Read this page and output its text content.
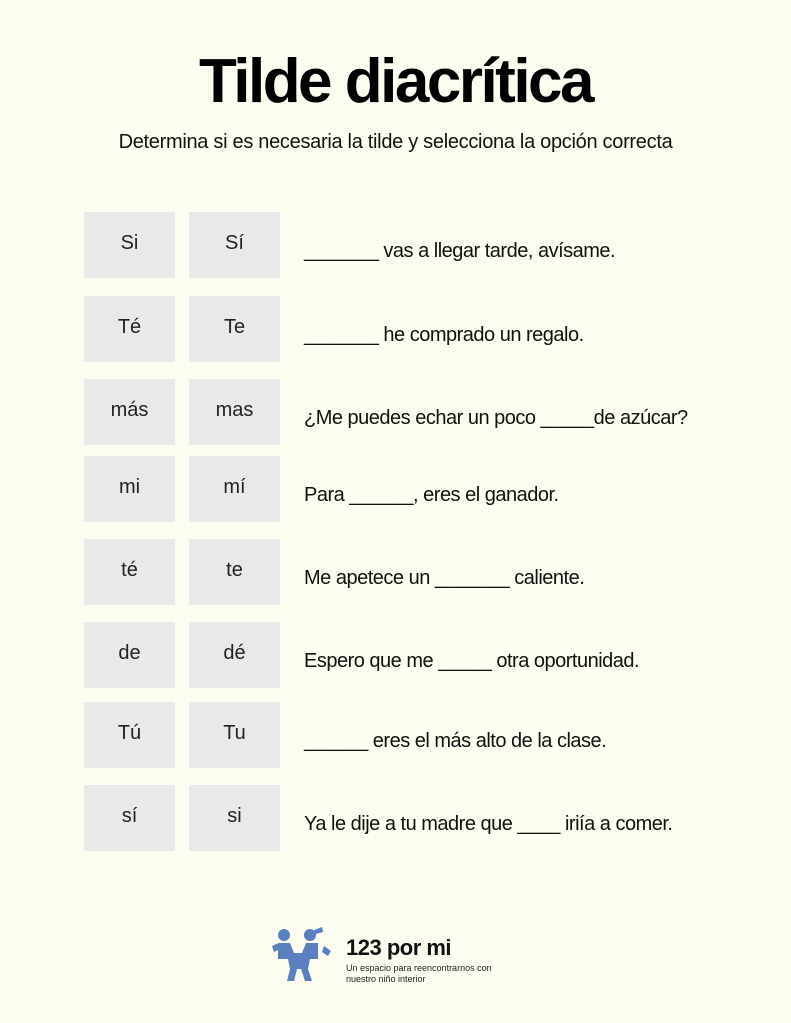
Tilde diacrítica
Determina si es necesaria la tilde y selecciona la opción correcta
Si	Sí	_______ vas a llegar tarde, avísame.
Té	Te	_______ he comprado un regalo.
más	mas	¿Me puedes echar un poco _____de azúcar?
mi	mí	Para ______, eres el ganador.
té	te	Me apetece un _______ caliente.
de	dé	Espero que me _____ otra oportunidad.
Tú	Tu	______ eres el más alto de la clase.
sí	si	Ya le dije a tu madre que ____ iriía a comer.
123 por mi
Un espacio para reencontrarnos con nuestro niño interior
